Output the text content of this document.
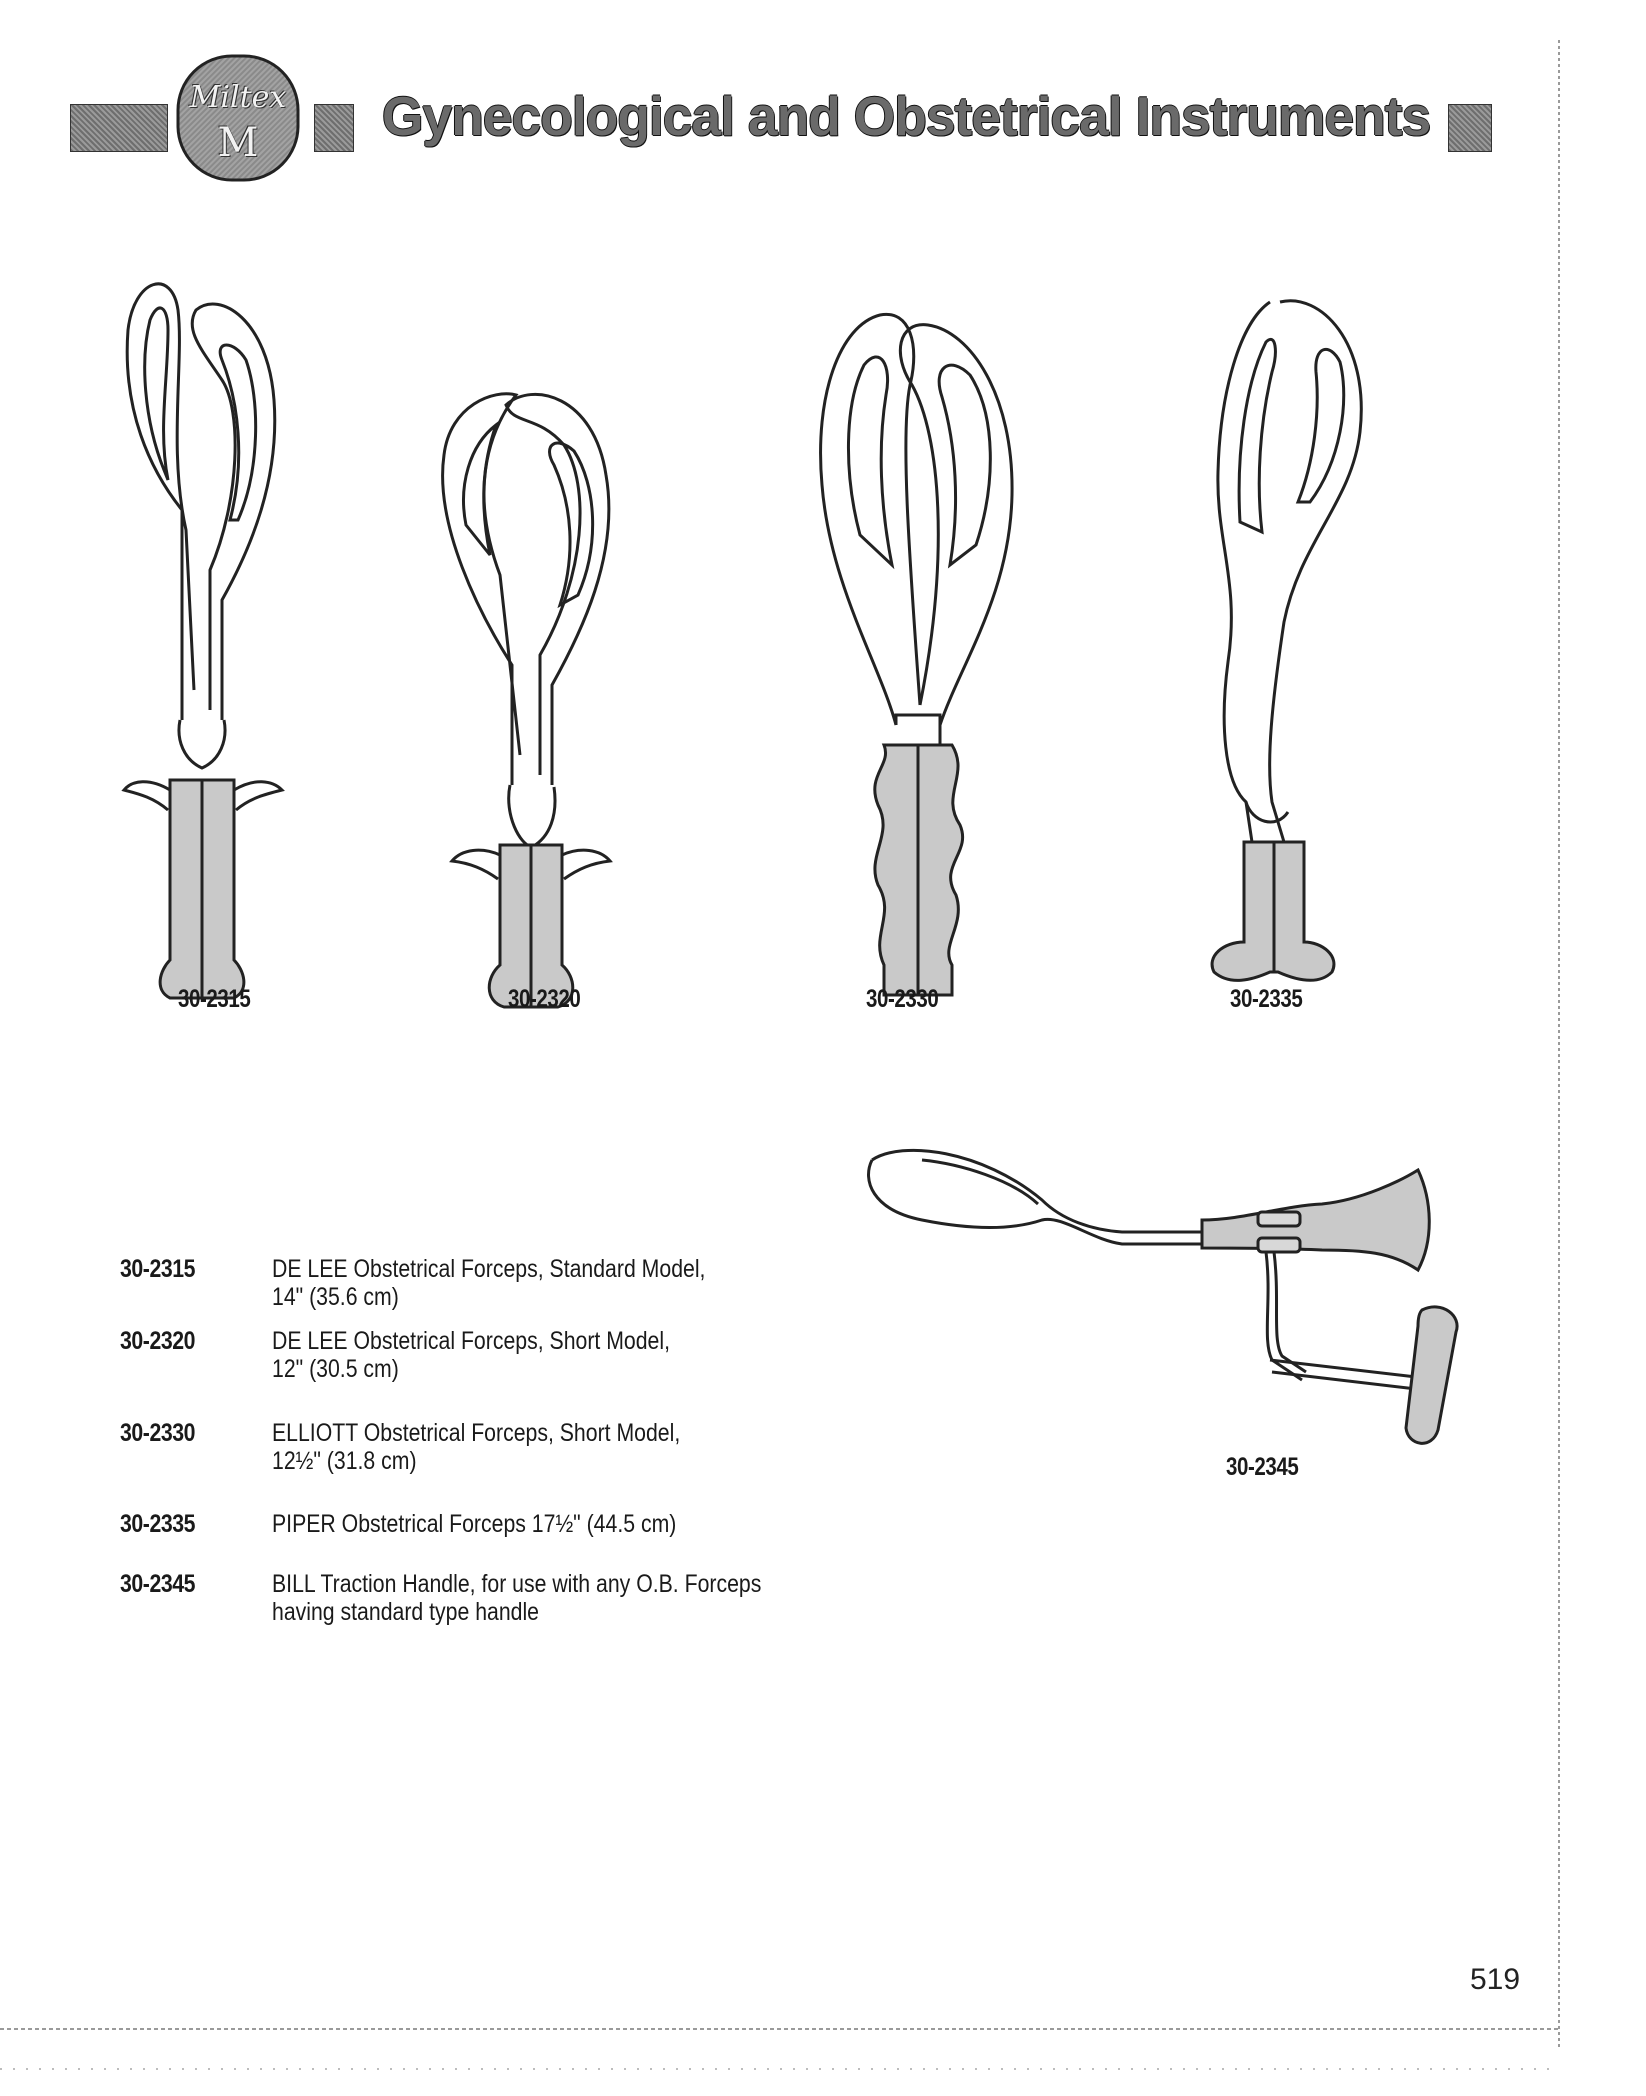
Miltex
M	Gynecological and Obstetrical Instruments
30-2315	30-2320	30-2330	30-2335
30-2345
30-2315	DE LEE Obstetrical Forceps, Standard Model,
14" (35.6 cm)
30-2320	DE LEE Obstetrical Forceps, Short Model,
12" (30.5 cm)
30-2330	ELLIOTT Obstetrical Forceps, Short Model,
12½" (31.8 cm)
30-2335	PIPER Obstetrical Forceps 17½" (44.5 cm)
30-2345	BILL Traction Handle, for use with any O.B. Forceps
having standard type handle
519
